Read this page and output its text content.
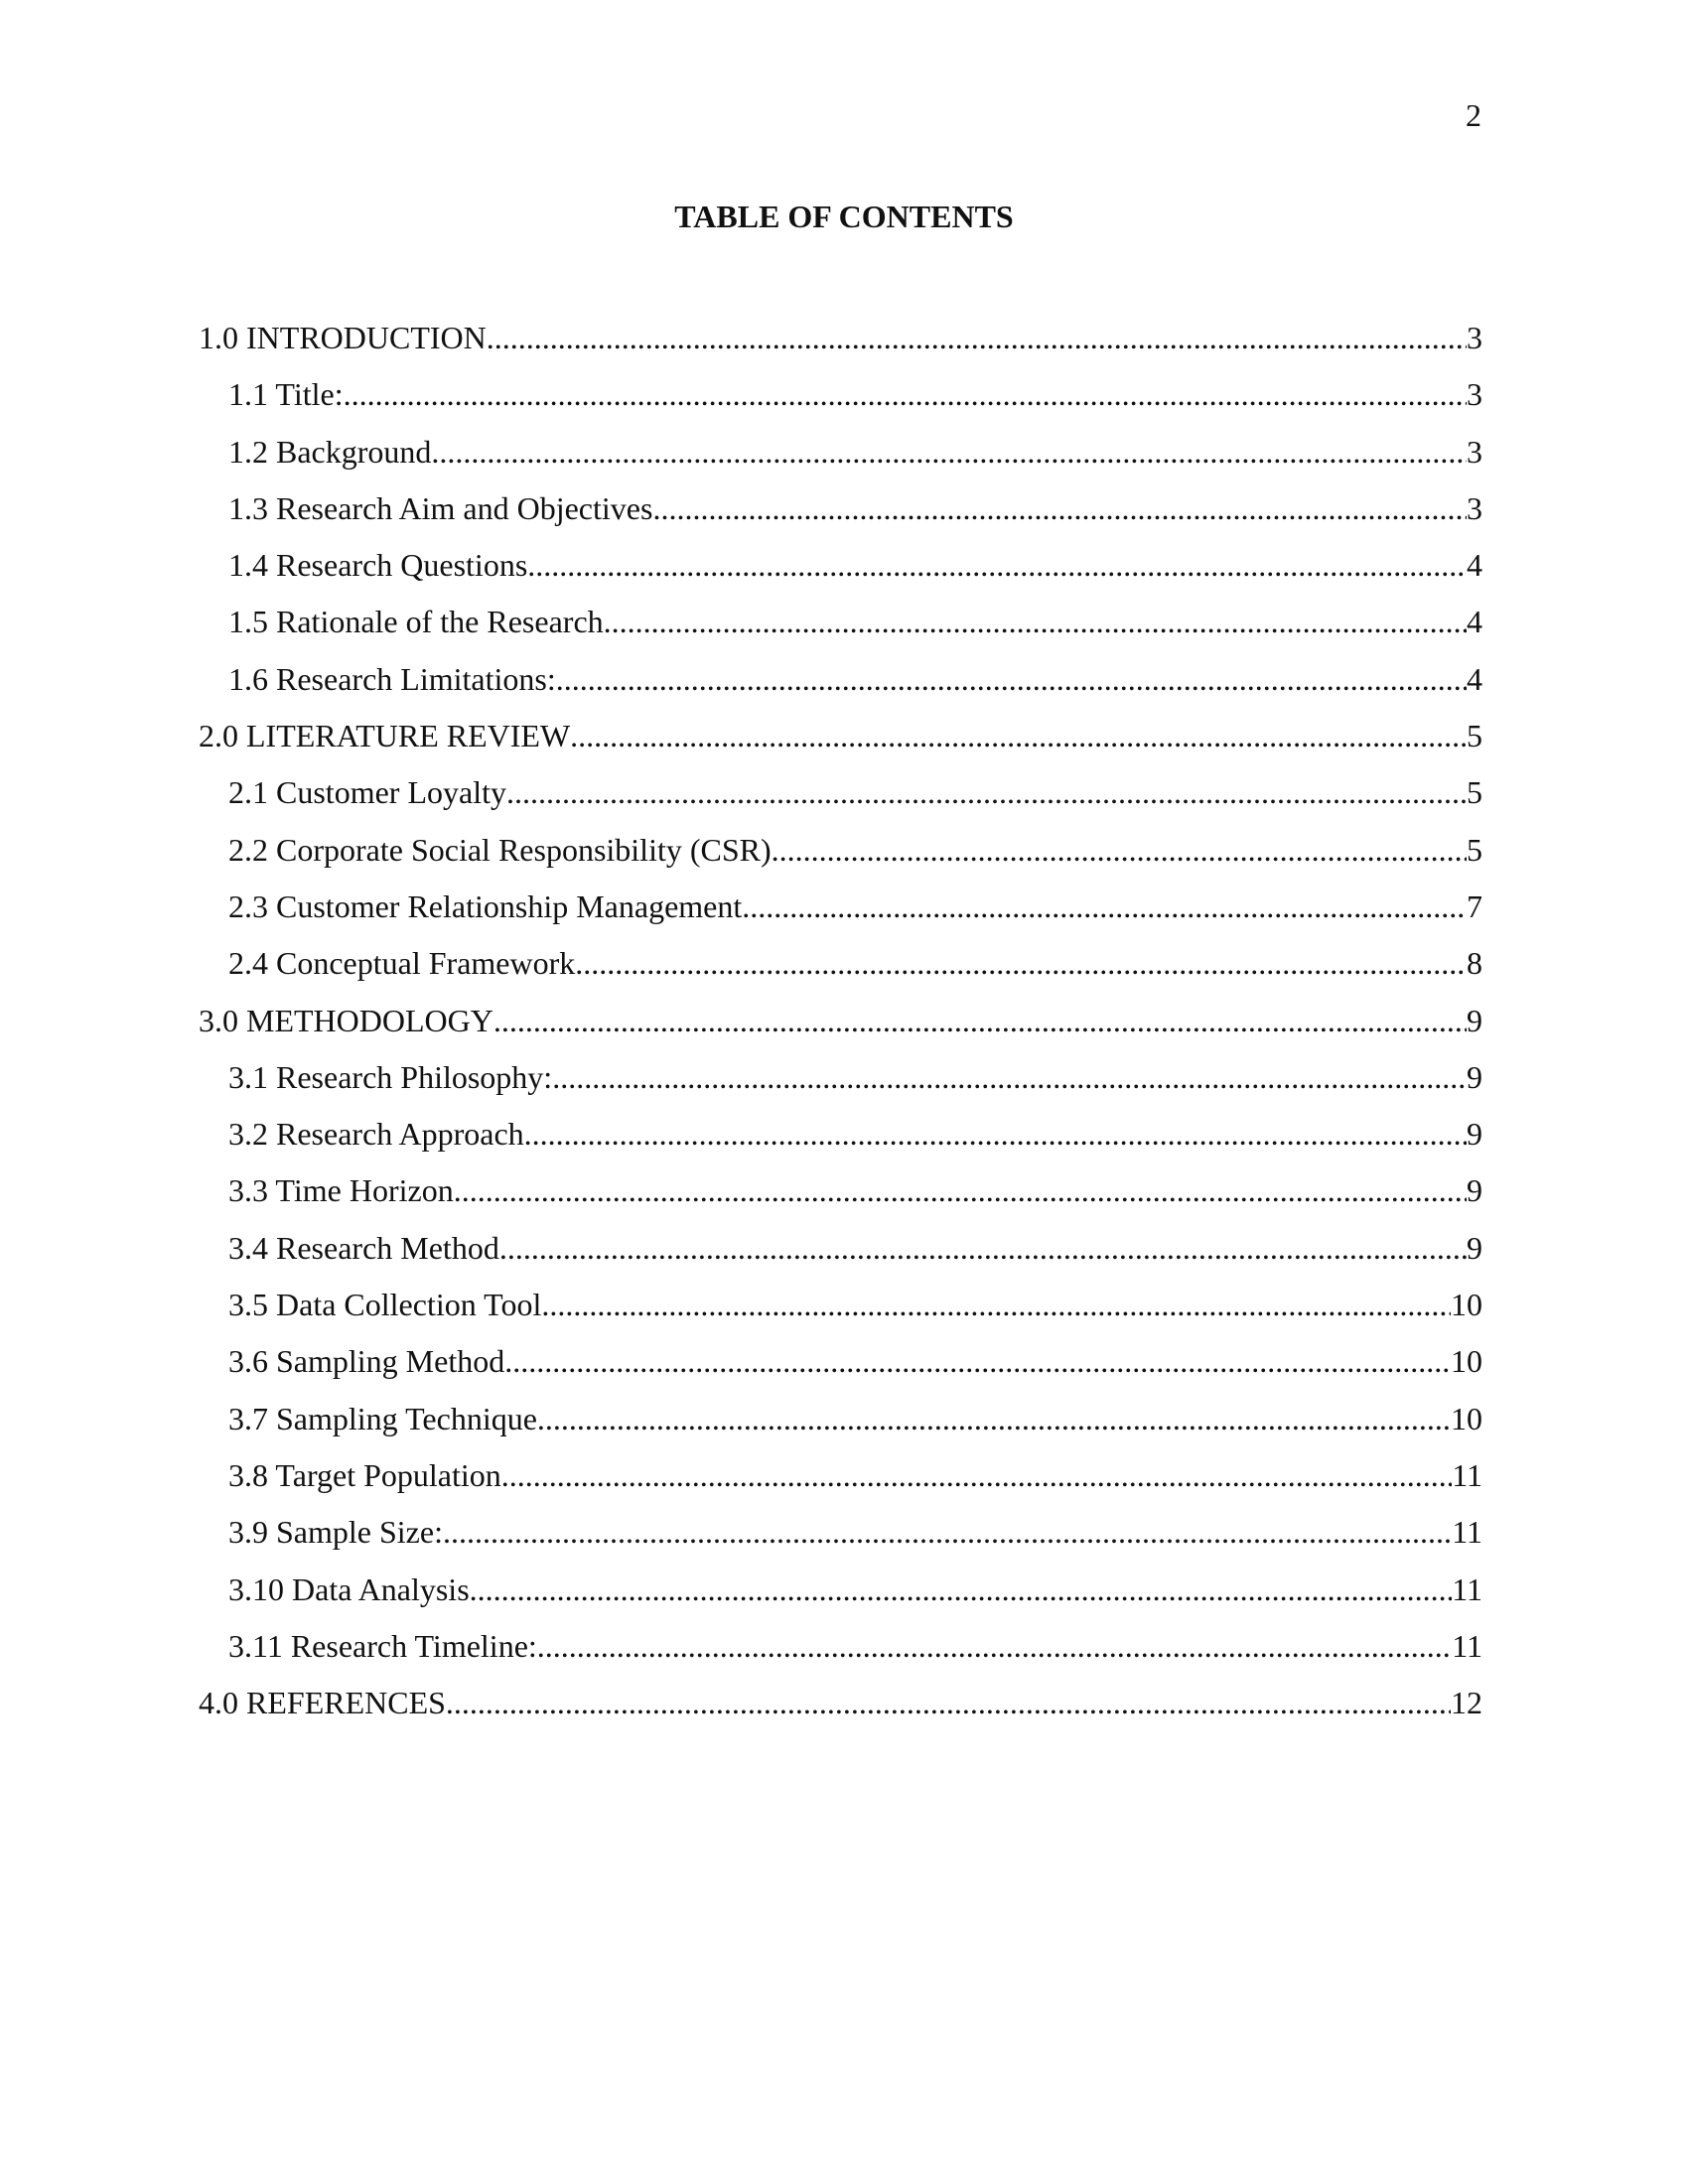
2
TABLE OF CONTENTS
1.0 INTRODUCTION .....	3
1.1 Title: .....	3
1.2 Background .....	3
1.3 Research Aim and Objectives .....	3
1.4 Research Questions .....	4
1.5 Rationale of the Research .....	4
1.6 Research Limitations: .....	4
2.0 LITERATURE REVIEW .....	5
2.1 Customer Loyalty .....	5
2.2 Corporate Social Responsibility (CSR) .....	5
2.3 Customer Relationship Management .....	7
2.4 Conceptual Framework .....	8
3.0 METHODOLOGY .....	9
3.1 Research Philosophy: .....	9
3.2 Research Approach .....	9
3.3 Time Horizon .....	9
3.4 Research Method .....	9
3.5 Data Collection Tool .....	10
3.6 Sampling Method .....	10
3.7 Sampling Technique .....	10
3.8 Target Population .....	11
3.9 Sample Size: .....	11
3.10 Data Analysis .....	11
3.11 Research Timeline: .....	11
4.0 REFERENCES .....	12
